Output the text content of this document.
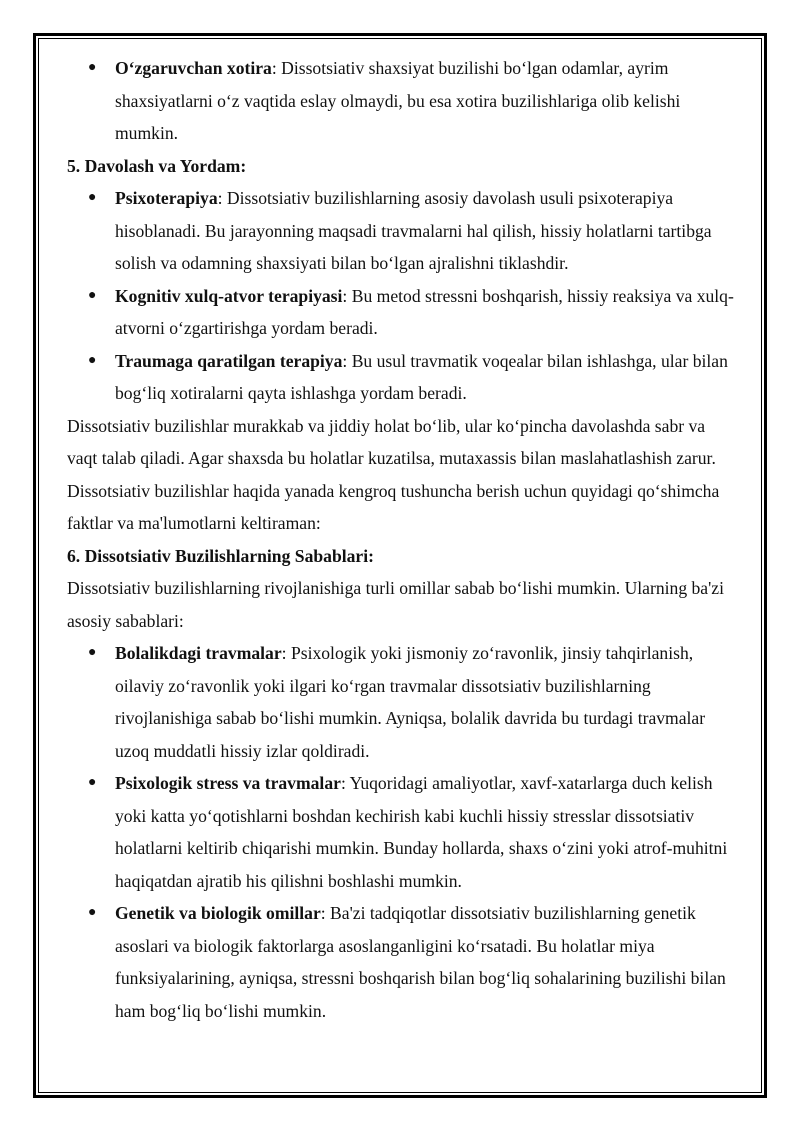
● O‘zgaruvchan xotira: Dissotsiativ shaxsiyat buzilishi bo‘lgan odamlar, ayrim shaxsiyatlarni o‘z vaqtida eslay olmaydi, bu esa xotira buzilishlariga olib kelishi mumkin.

5. Davolash va Yordam:

● Psixoterapiya: Dissotsiativ buzilishlarning asosiy davolash usuli psixoterapiya hisoblanadi. Bu jarayonning maqsadi travmalarni hal qilish, hissiy holatlarni tartibga solish va odamning shaxsiyati bilan bo‘lgan ajralishni tiklashdir.
● Kognitiv xulq-atvor terapiyasi: Bu metod stressni boshqarish, hissiy reaksiya va xulq-atvorni o‘zgartirishga yordam beradi.
● Traumaga qaratilgan terapiya: Bu usul travmatik voqealar bilan ishlashga, ular bilan bog‘liq xotiralarni qayta ishlashga yordam beradi.

Dissotsiativ buzilishlar murakkab va jiddiy holat bo‘lib, ular ko‘pincha davolashda sabr va vaqt talab qiladi. Agar shaxsda bu holatlar kuzatilsa, mutaxassis bilan maslahatlashish zarur.

Dissotsiativ buzilishlar haqida yanada kengroq tushuncha berish uchun quyidagi qo‘shimcha faktlar va ma'lumotlarni keltiraman:

6. Dissotsiativ Buzilishlarning Sabablari:

Dissotsiativ buzilishlarning rivojlanishiga turli omillar sabab bo‘lishi mumkin. Ularning ba'zi asosiy sabablari:

● Bolalikdagi travmalar: Psixologik yoki jismoniy zo‘ravonlik, jinsiy tahqirlanish, oilaviy zo‘ravonlik yoki ilgari ko‘rgan travmalar dissotsiativ buzilishlarning rivojlanishiga sabab bo‘lishi mumkin. Ayniqsa, bolalik davrida bu turdagi travmalar uzoq muddatli hissiy izlar qoldiradi.
● Psixologik stress va travmalar: Yuqoridagi amaliyotlar, xavf-xatarlarga duch kelish yoki katta yo‘qotishlarni boshdan kechirish kabi kuchli hissiy stresslar dissotsiativ holatlarni keltirib chiqarishi mumkin. Bunday hollarda, shaxs o‘zini yoki atrof-muhitni haqiqatdan ajratib his qilishni boshlashi mumkin.
● Genetik va biologik omillar: Ba'zi tadqiqotlar dissotsiativ buzilishlarning genetik asoslari va biologik faktorlarga asoslanganligini ko‘rsatadi. Bu holatlar miya funksiyalarining, ayniqsa, stressni boshqarish bilan bog‘liq sohalarining buzilishi bilan ham bog‘liq bo‘lishi mumkin.
